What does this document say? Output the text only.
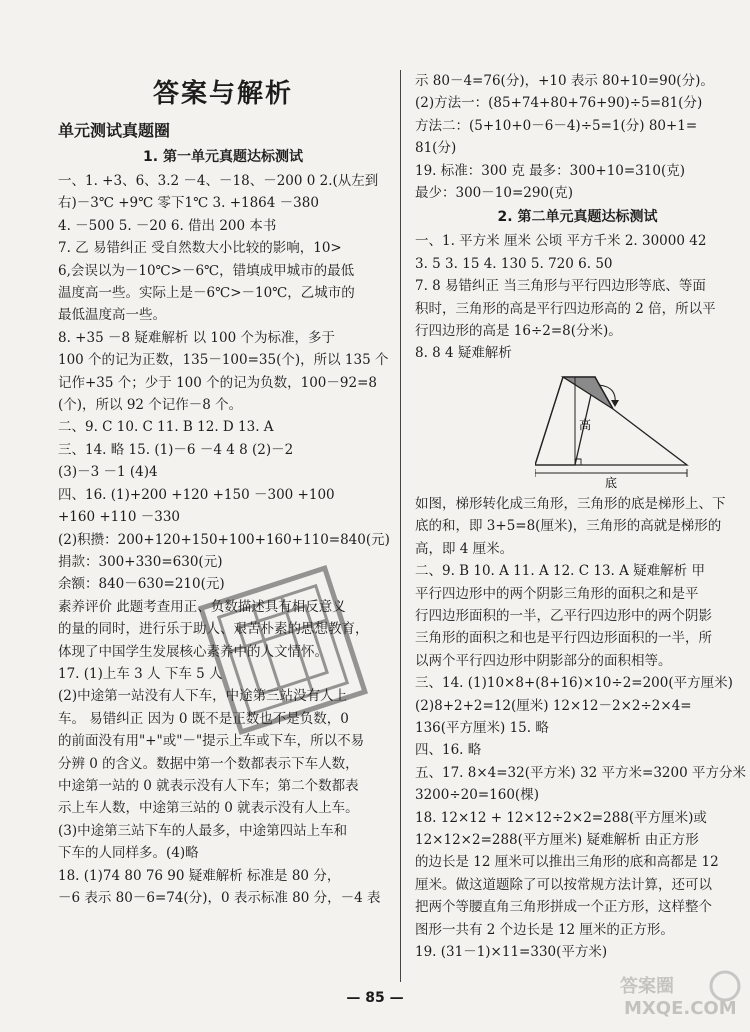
答案与解析
单元测试真题圈
1. 第一单元真题达标测试
一、1. +3、6、3.2 －4、－18、－200 0 2.(从左到
右)－3℃ +9℃ 零下1℃ 3. +1864 －380
4. －500 5. －20 6. 借出 200 本书
7. 乙 易错纠正 受自然数大小比较的影响，10>
6,会误以为－10℃>－6℃，错填成甲城市的最低
温度高一些。实际上是－6℃>－10℃，乙城市的
最低温度高一些。
8. +35 －8 疑难解析 以 100 个为标准，多于
100 个的记为正数，135－100=35(个)，所以 135 个
记作+35 个；少于 100 个的记为负数，100－92=8
(个)，所以 92 个记作－8 个。
二、9. C 10. C 11. B 12. D 13. A
三、14. 略 15. (1)－6 －4 4 8 (2)－2
(3)－3 －1 (4)4
四、16. (1)+200 +120 +150 －300 +100
+160 +110 －330
(2)积攒：200+120+150+100+160+110=840(元)
捐款：300+330=630(元)
余额：840－630=210(元)
素养评价 此题考查用正、负数描述具有相反意义
的量的同时，进行乐于助人、艰苦朴素的思想教育，
体现了中国学生发展核心素养中的人文情怀。
17. (1)上车 3 人 下车 5 人
(2)中途第一站没有人下车，中途第三站没有人上
车。 易错纠正 因为 0 既不是正数也不是负数，0
的前面没有用"+"或"－"提示上车或下车，所以不易
分辨 0 的含义。数据中第一个数都表示下车人数，
中途第一站的 0 就表示没有人下车；第二个数都表
示上车人数，中途第三站的 0 就表示没有人上车。
(3)中途第三站下车的人最多，中途第四站上车和
下车的人同样多。(4)略
18. (1)74 80 76 90 疑难解析 标准是 80 分，
－6 表示 80－6=74(分)，0 表示标准 80 分，－4 表
示 80－4=76(分)，+10 表示 80+10=90(分)。
(2)方法一：(85+74+80+76+90)÷5=81(分)
方法二：(5+10+0－6－4)÷5=1(分) 80+1=
81(分)
19. 标准：300 克 最多：300+10=310(克)
最少：300－10=290(克)
2. 第二单元真题达标测试
一、1. 平方米 厘米 公顷 平方千米 2. 30000 42
3. 5 3. 15 4. 130 5. 720 6. 50
7. 8 易错纠正 当三角形与平行四边形等底、等面
积时，三角形的高是平行四边形高的 2 倍，所以平
行四边形的高是 16÷2=8(分米)。
8. 8 4 疑难解析
高
底
如图，梯形转化成三角形，三角形的底是梯形上、下
底的和，即 3+5=8(厘米)，三角形的高就是梯形的
高，即 4 厘米。
二、9. B 10. A 11. A 12. C 13. A 疑难解析 甲
平行四边形中的两个阴影三角形的面积之和是平
行四边形面积的一半，乙平行四边形中的两个阴影
三角形的面积之和也是平行四边形面积的一半，所
以两个平行四边形中阴影部分的面积相等。
三、14. (1)10×8+(8+16)×10÷2=200(平方厘米)
(2)8+2+2=12(厘米) 12×12－2×2÷2×4=
136(平方厘米) 15. 略
四、16. 略
五、17. 8×4=32(平方米) 32 平方米=3200 平方分米
3200÷20=160(棵)
18. 12×12 + 12×12÷2×2=288(平方厘米)或
12×12×2=288(平方厘米) 疑难解析 由正方形
的边长是 12 厘米可以推出三角形的底和高都是 12
厘米。做这道题除了可以按常规方法计算，还可以
把两个等腰直角三角形拼成一个正方形，这样整个
图形一共有 2 个边长是 12 厘米的正方形。
19. (31－1)×11=330(平方米)
答案圈
MXQE.COM
— 85 —
